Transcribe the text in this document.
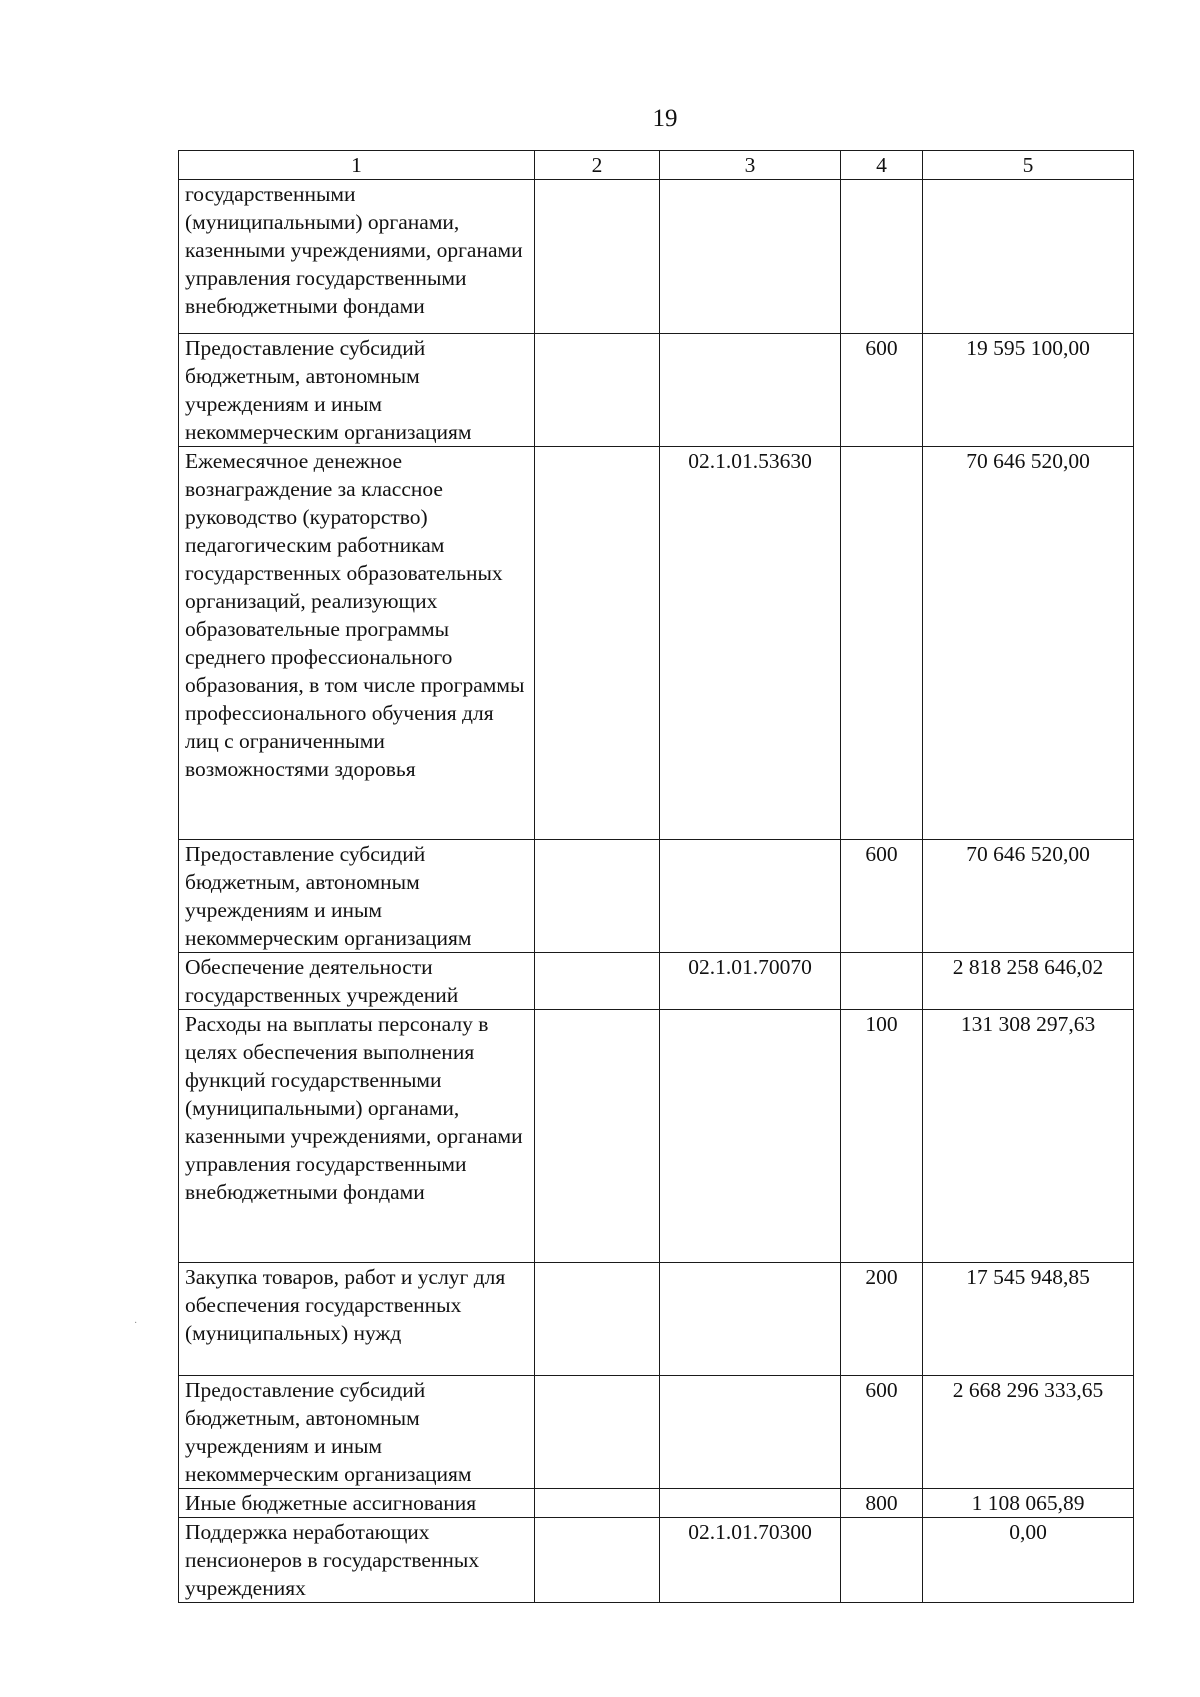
19
1	2	3	4	5
государственными (муниципальными) органами, казенными учреждениями, органами управления государственными внебюджетными фондами				
Предоставление субсидий бюджетным, автономным учреждениям и иным некоммерческим организациям			600	19 595 100,00
Ежемесячное денежное вознаграждение за классное руководство (кураторство) педагогическим работникам государственных образовательных организаций, реализующих образовательные программы среднего профессионального образования, в том числе программы профессионального обучения для лиц с ограниченными возможностями здоровья		02.1.01.53630		70 646 520,00
Предоставление субсидий бюджетным, автономным учреждениям и иным некоммерческим организациям			600	70 646 520,00
Обеспечение деятельности государственных учреждений		02.1.01.70070		2 818 258 646,02
Расходы на выплаты персоналу в целях обеспечения выполнения функций государственными (муниципальными) органами, казенными учреждениями, органами управления государственными внебюджетными фондами			100	131 308 297,63
Закупка товаров, работ и услуг для обеспечения государственных (муниципальных) нужд			200	17 545 948,85
Предоставление субсидий бюджетным, автономным учреждениям и иным некоммерческим организациям			600	2 668 296 333,65
Иные бюджетные ассигнования			800	1 108 065,89
Поддержка неработающих пенсионеров в государственных учреждениях		02.1.01.70300		0,00
·
